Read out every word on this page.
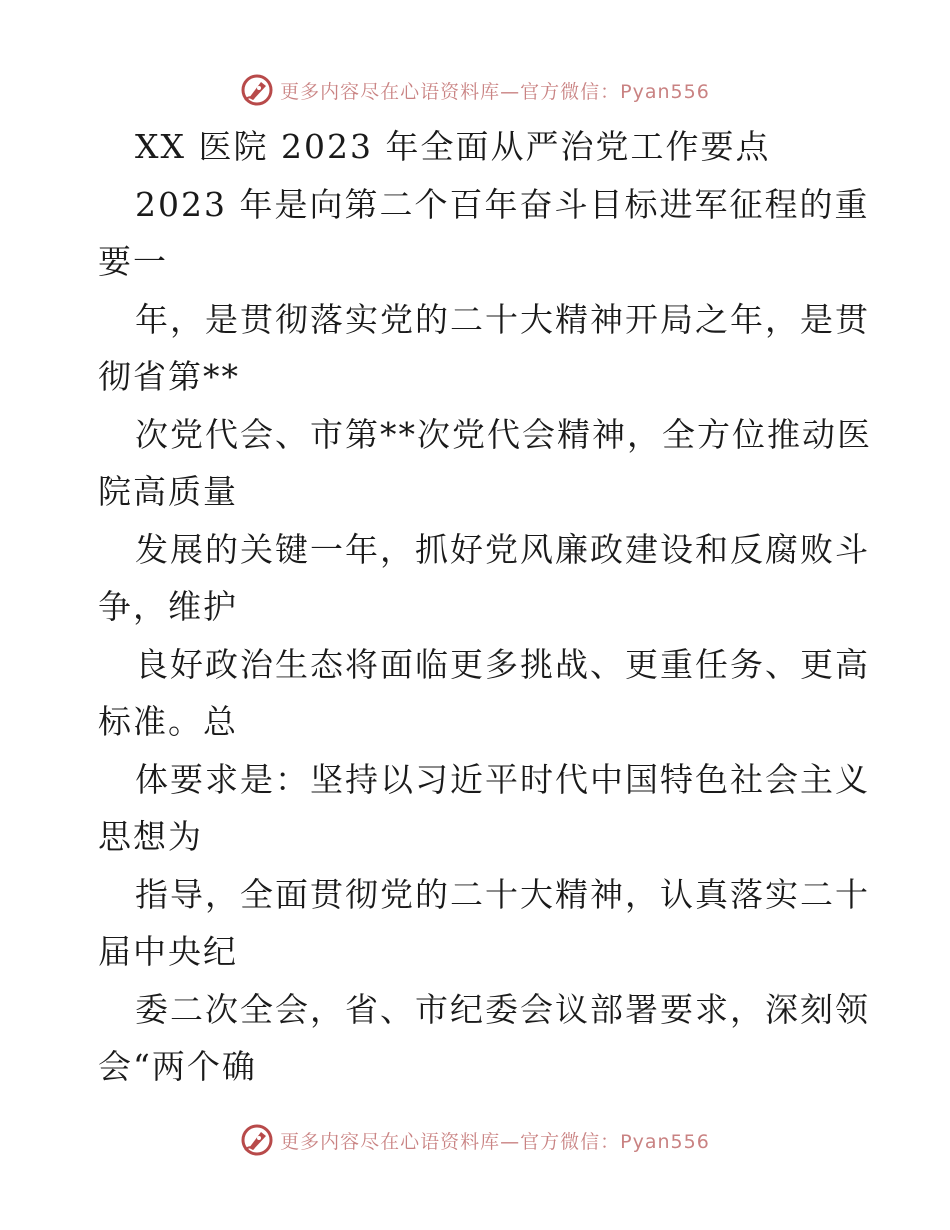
更多内容尽在心语资料库—官方微信：Pyan556
XX 医院 2023 年全面从严治党工作要点
2023 年是向第二个百年奋斗目标进军征程的重
要一
年，是贯彻落实党的二十大精神开局之年，是贯
彻省第**
次党代会、市第**次党代会精神，全方位推动医
院高质量
发展的关键一年，抓好党风廉政建设和反腐败斗
争，维护
良好政治生态将面临更多挑战、更重任务、更高
标准。总
体要求是：坚持以习近平时代中国特色社会主义
思想为
指导，全面贯彻党的二十大精神，认真落实二十
届中央纪
委二次全会，省、市纪委会议部署要求，深刻领
会“两个确
更多内容尽在心语资料库—官方微信：Pyan556
